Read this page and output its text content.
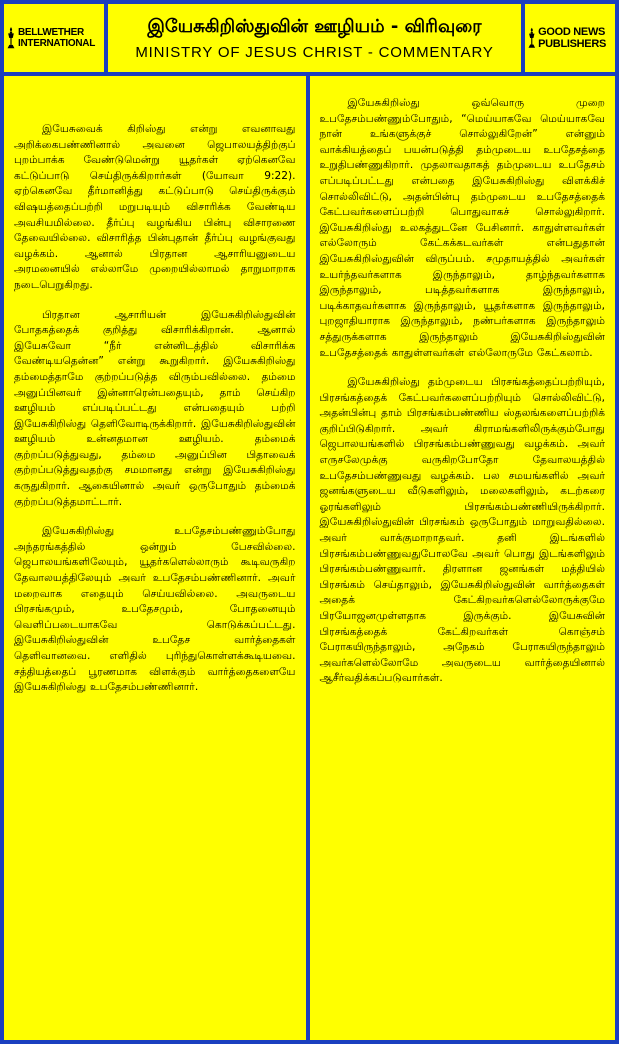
BELLWETHER INTERNATIONAL
இயேசுகிறிஸ்துவின் ஊழியம் - விரிவுரை
MINISTRY OF JESUS CHRIST - COMMENTARY
GOOD NEWS PUBLISHERS

இயேசுவைக் கிறிஸ்து என்று எவனாவது அறிக்கைபண்ணினால் அவனை ஜெபாலயத்திற்குப் புறம்பாக்க வேண்டுமென்று யூதர்கள் ஏற்கெனவே கட்டுப்பாடு செய்திருக்கிறார்கள் (யோவா 9:22). ஏற்கெனவே தீர்மானித்து கட்டுப்பாடு செய்திருக்கும் விஷயத்தைப்பற்றி மறுபடியும் விசாரிக்க வேண்டிய அவசியமில்லை. தீர்ப்பு வழங்கிய பின்பு விசாரணை தேவையில்லை. விசாரித்த பின்புதான் தீர்ப்பு வழங்குவது வழக்கம். ஆனால் பிரதான ஆசாரியனுடைய அரமனையில் எல்லாமே முறையில்லாமல் தாறுமாறாக நடைபெறுகிறது.

பிரதான ஆசாரியன் இயேசுகிறிஸ்துவின் போதகத்தைக் குறித்து விசாரிக்கிறான். ஆனால் இயேசுவோ “நீர் என்னிடத்தில் விசாரிக்க வேண்டியதென்ன” என்று கூறுகிறார். இயேசுகிறிஸ்து தம்மைத்தாமே குற்றப்படுத்த விரும்பவில்லை. தம்மை அனுப்பினவர் இன்னாரென்பதையும், தாம் செய்கிற ஊழியம் எப்படிப்பட்டது என்பதையும் பற்றி இயேசுகிறிஸ்து தெளிவோடிருக்கிறார். இயேசுகிறிஸ்துவின் ஊழியம் உன்னதமான ஊழியம். தம்மைக் குற்றப்படுத்துவது, தம்மை அனுப்பின பிதாவைக் குற்றப்படுத்துவதற்கு சமமானது என்று இயேசுகிறிஸ்து கருதுகிறார். ஆகையினால் அவர் ஒருபோதும் தம்மைக் குற்றப்படுத்தமாட்டார்.

இயேசுகிறிஸ்து உபதேசம்பண்ணும்போது அந்தரங்கத்தில் ஒன்றும் பேசவில்லை. ஜெபாலயங்களிலேயும், யூதர்களெல்லாரும் கூடிவருகிற தேவாலயத்திலேயும் அவர் உபதேசம்பண்ணினார். அவர் மறைவாக எதையும் செய்யவில்லை. அவருடைய பிரசங்கமும், உபதேசமும், போதனையும் வெளிப்படையாகவே கொடுக்கப்பட்டது. இயேசுகிறிஸ்துவின் உபதேச வார்த்தைகள் தெளிவானவை. எளிதில் புரிந்துகொள்ளக்கூடியவை. சத்தியத்தைப் பூரணமாக விளக்கும் வார்த்தைகளையே இயேசுகிறிஸ்து உபதேசம்பண்ணினார்.

இயேசுகிறிஸ்து ஒவ்வொரு முறை உபதேசம்பண்ணும்போதும், “மெய்யாகவே மெய்யாகவே நான் உங்களுக்குச் சொல்லுகிறேன்” என்னும் வாக்கியத்தைப் பயன்படுத்தி தம்முடைய உபதேசத்தை உறுதிபண்ணுகிறார். முதலாவதாகத் தம்முடைய உபதேசம் எப்படிப்பட்டது என்பதை இயேசுகிறிஸ்து விளக்கிச் சொல்லிவிட்டு, அதன்பின்பு தம்முடைய உபதேசத்தைக் கேட்பவர்களைப்பற்றி பொதுவாகச் சொல்லுகிறார். இயேசுகிறிஸ்து உலகத்துடனே பேசினார். காதுள்ளவர்கள் எல்லோரும் கேட்கக்கடவர்கள் என்பதுதான் இயேசுகிறிஸ்துவின் விருப்பம். சமுதாயத்தில் அவர்கள் உயர்ந்தவர்களாக இருந்தாலும், தாழ்ந்தவர்களாக இருந்தாலும், படித்தவர்களாக இருந்தாலும், படிக்காதவர்களாக இருந்தாலும், யூதர்களாக இருந்தாலும், புறஜாதியாராக இருந்தாலும், நண்பர்களாக இருந்தாலும் சத்துருக்களாக இருந்தாலும் இயேசுகிறிஸ்துவின் உபதேசத்தைக் காதுள்ளவர்கள் எல்லோருமே கேட்கலாம்.

இயேசுகிறிஸ்து தம்முடைய பிரசங்கத்தைப்பற்றியும், பிரசங்கத்தைக் கேட்பவர்களைப்பற்றியும் சொல்லிவிட்டு, அதன்பின்பு தாம் பிரசங்கம்பண்ணிய ஸ்தலங்களைப்பற்றிக் குறிப்பிடுகிறார். அவர் கிராமங்களிலிருக்கும்போது ஜெபாலயங்களில் பிரசங்கம்பண்ணுவது வழக்கம். அவர் எருசலேமுக்கு வருகிறபோதோ தேவாலயத்தில் உபதேசம்பண்ணுவது வழக்கம். பல சமயங்களில் அவர் ஜனங்களுடைய வீடுகளிலும், மலைகளிலும், கடற்கரை ஓரங்களிலும் பிரசங்கம்பண்ணியிருக்கிறார். இயேசுகிறிஸ்துவின் பிரசங்கம் ஒருபோதும் மாறுவதில்லை. அவர் வாக்குமாறாதவர். தனி இடங்களில் பிரசங்கம்பண்ணுவதுபோலவே அவர் பொது இடங்களிலும் பிரசங்கம்பண்ணுவார். திரளான ஜனங்கள் மத்தியில் பிரசங்கம் செய்தாலும், இயேசுகிறிஸ்துவின் வார்த்தைகள் அதைக் கேட்கிறவர்களெல்லோருக்குமே பிரயோஜனமுள்ளதாக இருக்கும். இயேசுவின் பிரசங்கத்தைக் கேட்கிறவர்கள் கொஞ்சம் பேராகயிருந்தாலும், அநேகம் பேராகயிருந்தாலும் அவர்களெல்லோமே அவருடைய வார்த்தையினால் ஆசீர்வதிக்கப்படுவார்கள்.
